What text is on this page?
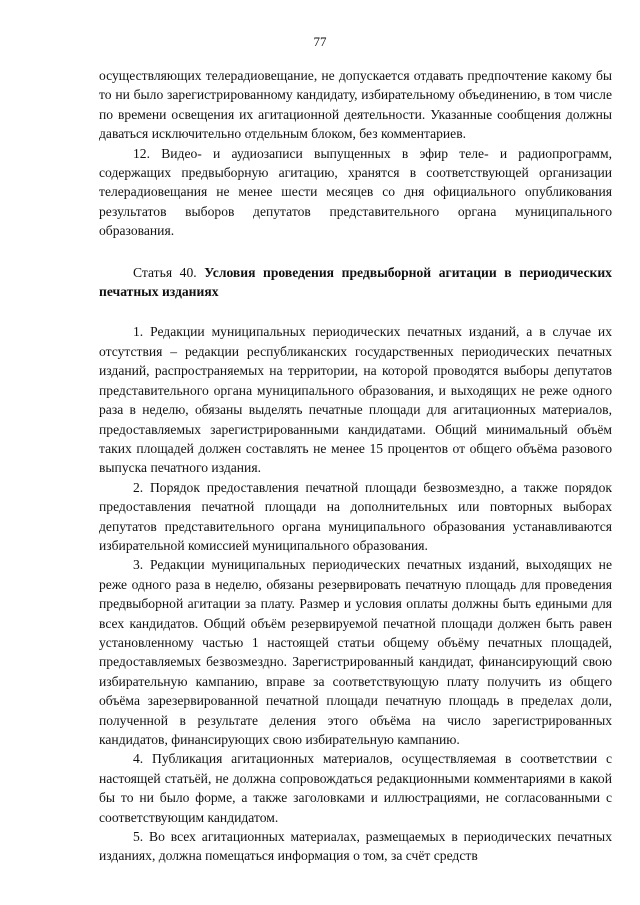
77

осуществляющих телерадиовещание, не допускается отдавать предпочтение какому бы то ни было зарегистрированному кандидату, избирательному объединению, в том числе по времени освещения их агитационной деятельности. Указанные сообщения должны даваться исключительно отдельным блоком, без комментариев.

12. Видео- и аудиозаписи выпущенных в эфир теле- и радиопрограмм, содержащих предвыборную агитацию, хранятся в соответствующей организации телерадиовещания не менее шести месяцев со дня официального опубликования результатов выборов депутатов представительного органа муниципального образования.

Статья 40. Условия проведения предвыборной агитации в периодических печатных изданиях

1. Редакции муниципальных периодических печатных изданий, а в случае их отсутствия – редакции республиканских государственных периодических печатных изданий, распространяемых на территории, на которой проводятся выборы депутатов представительного органа муниципального образования, и выходящих не реже одного раза в неделю, обязаны выделять печатные площади для агитационных материалов, предоставляемых зарегистрированными кандидатами. Общий минимальный объём таких площадей должен составлять не менее 15 процентов от общего объёма разового выпуска печатного издания.

2. Порядок предоставления печатной площади безвозмездно, а также порядок предоставления печатной площади на дополнительных или повторных выборах депутатов представительного органа муниципального образования устанавливаются избирательной комиссией муниципального образования.

3. Редакции муниципальных периодических печатных изданий, выходящих не реже одного раза в неделю, обязаны резервировать печатную площадь для проведения предвыборной агитации за плату. Размер и условия оплаты должны быть едиными для всех кандидатов. Общий объём резервируемой печатной площади должен быть равен установленному частью 1 настоящей статьи общему объёму печатных площадей, предоставляемых безвозмездно. Зарегистрированный кандидат, финансирующий свою избирательную кампанию, вправе за соответствующую плату получить из общего объёма зарезервированной печатной площади печатную площадь в пределах доли, полученной в результате деления этого объёма на число зарегистрированных кандидатов, финансирующих свою избирательную кампанию.

4. Публикация агитационных материалов, осуществляемая в соответствии с настоящей статьёй, не должна сопровождаться редакционными комментариями в какой бы то ни было форме, а также заголовками и иллюстрациями, не согласованными с соответствующим кандидатом.

5. Во всех агитационных материалах, размещаемых в периодических печатных изданиях, должна помещаться информация о том, за счёт средств
